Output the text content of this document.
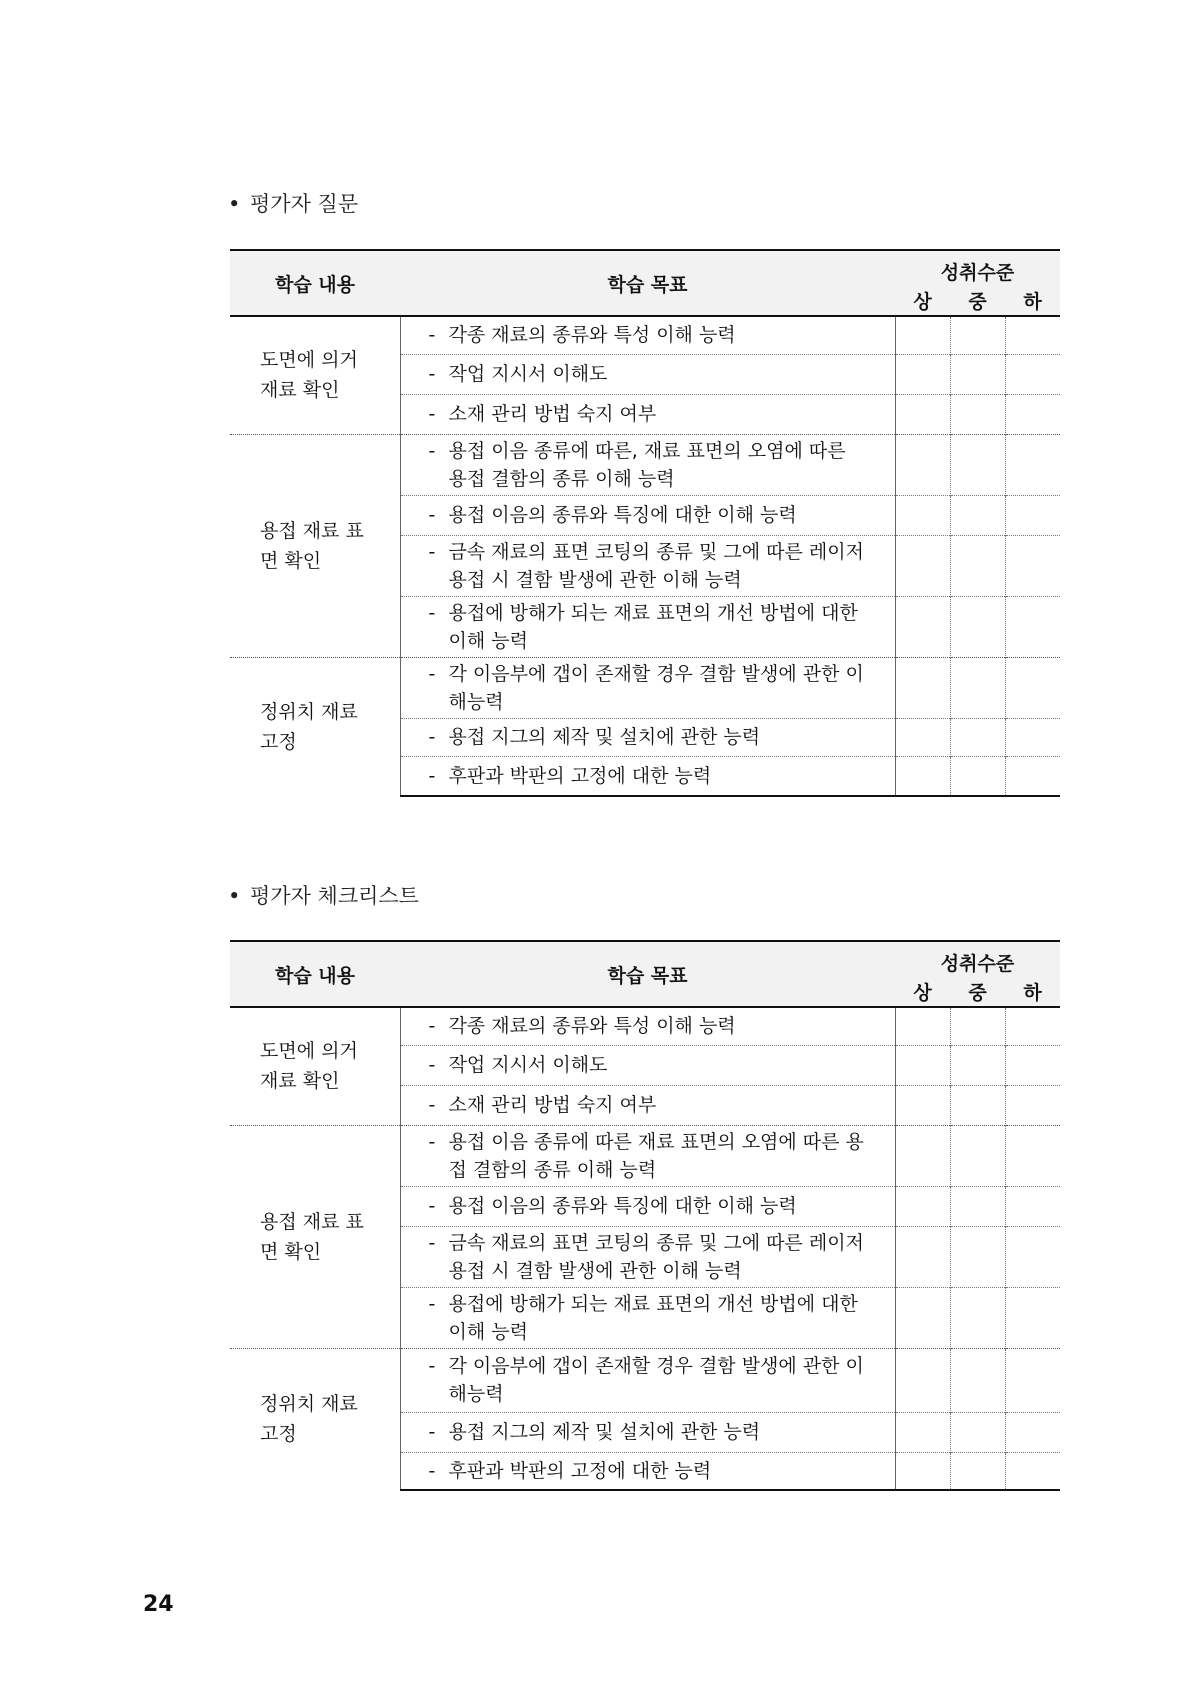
• 평가자 질문
학습 내용	학습 목표	성취수준		
		상	중	하
도면에 의거 재료 확인	- 각종 재료의 종류와 특성 이해 능력			

	- 작업 지시서 이해도			

	- 소재 관리 방법 숙지 여부			

용접 재료 표면 확인	- 용접 이음 종류에 따른, 재료 표면의 오염에 따른 용접 결함의 종류 이해 능력			

	- 용접 이음의 종류와 특징에 대한 이해 능력			

	- 금속 재료의 표면 코팅의 종류 및 그에 따른 레이저 용접 시 결함 발생에 관한 이해 능력			

	- 용접에 방해가 되는 재료 표면의 개선 방법에 대한 이해 능력			

정위치 재료 고정	- 각 이음부에 갭이 존재할 경우 결함 발생에 관한 이해능력			

	- 용접 지그의 제작 및 설치에 관한 능력			

	- 후판과 박판의 고정에 대한 능력			

• 평가자 체크리스트
학습 내용	학습 목표	성취수준		
		상	중	하
도면에 의거 재료 확인	- 각종 재료의 종류와 특성 이해 능력			

	- 작업 지시서 이해도			

	- 소재 관리 방법 숙지 여부			

용접 재료 표면 확인	- 용접 이음 종류에 따른 재료 표면의 오염에 따른 용접 결함의 종류 이해 능력			

	- 용접 이음의 종류와 특징에 대한 이해 능력			

	- 금속 재료의 표면 코팅의 종류 및 그에 따른 레이저 용접 시 결함 발생에 관한 이해 능력			

	- 용접에 방해가 되는 재료 표면의 개선 방법에 대한 이해 능력			

정위치 재료 고정	- 각 이음부에 갭이 존재할 경우 결함 발생에 관한 이해능력			

	- 용접 지그의 제작 및 설치에 관한 능력			

	- 후판과 박판의 고정에 대한 능력			

24
